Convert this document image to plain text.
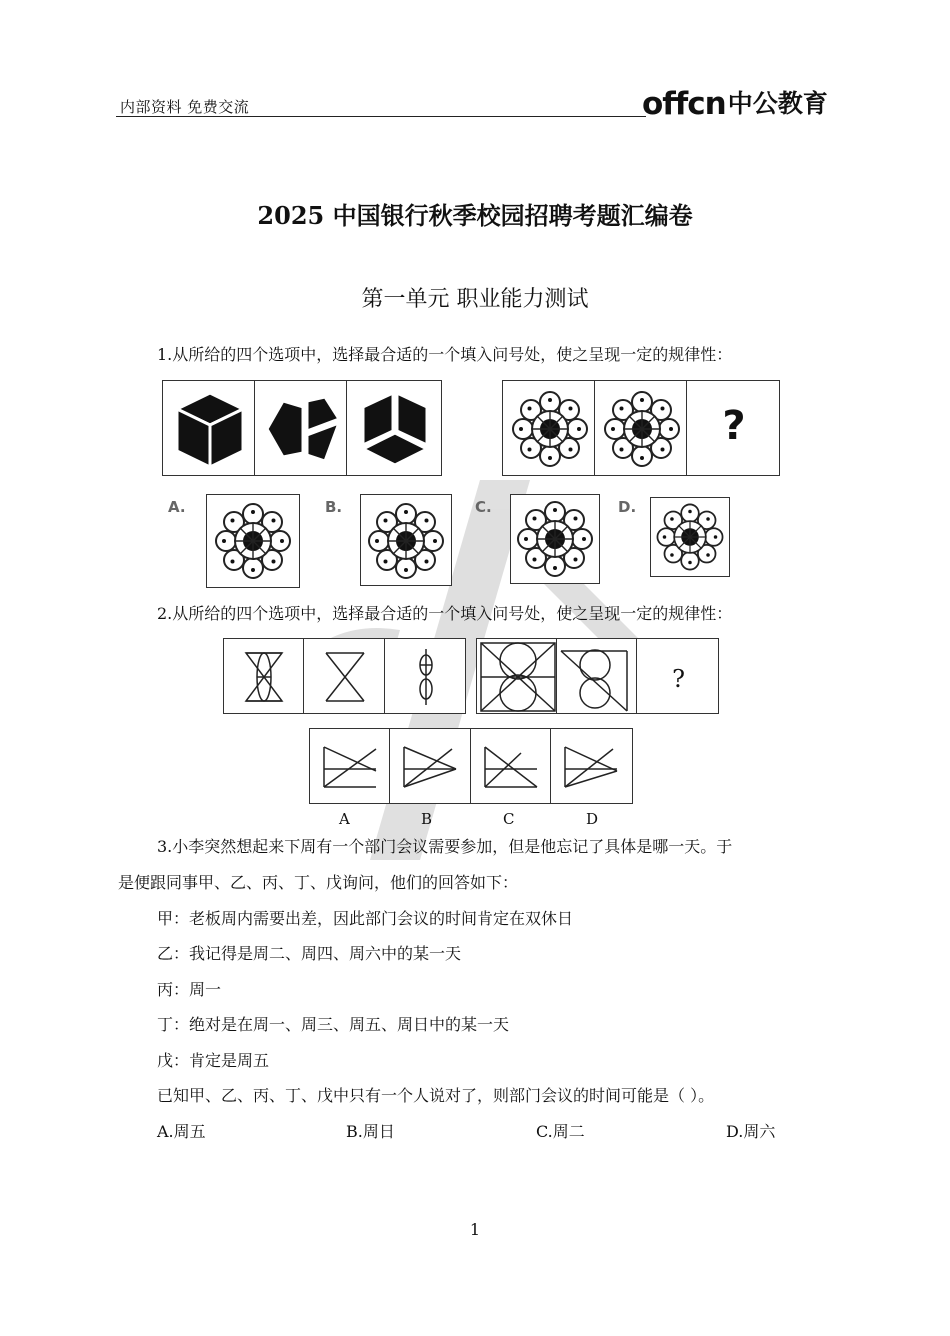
内部资料 免费交流	offcn 中公教育
2025 中国银行秋季校园招聘考题汇编卷
第一单元 职业能力测试
1.从所给的四个选项中，选择最合适的一个填入问号处，使之呈现一定的规律性：
?
A.	B.	C.	D.
2.从所给的四个选项中，选择最合适的一个填入问号处，使之呈现一定的规律性：
?
A	B	C	D
3.小李突然想起来下周有一个部门会议需要参加，但是他忘记了具体是哪一天。于
是便跟同事甲、乙、丙、丁、戊询问，他们的回答如下：
甲：老板周内需要出差，因此部门会议的时间肯定在双休日
乙：我记得是周二、周四、周六中的某一天
丙：周一
丁：绝对是在周一、周三、周五、周日中的某一天
戊：肯定是周五
已知甲、乙、丙、丁、戊中只有一个人说对了，则部门会议的时间可能是（ ）。
A.周五	B.周日	C.周二	D.周六
1
